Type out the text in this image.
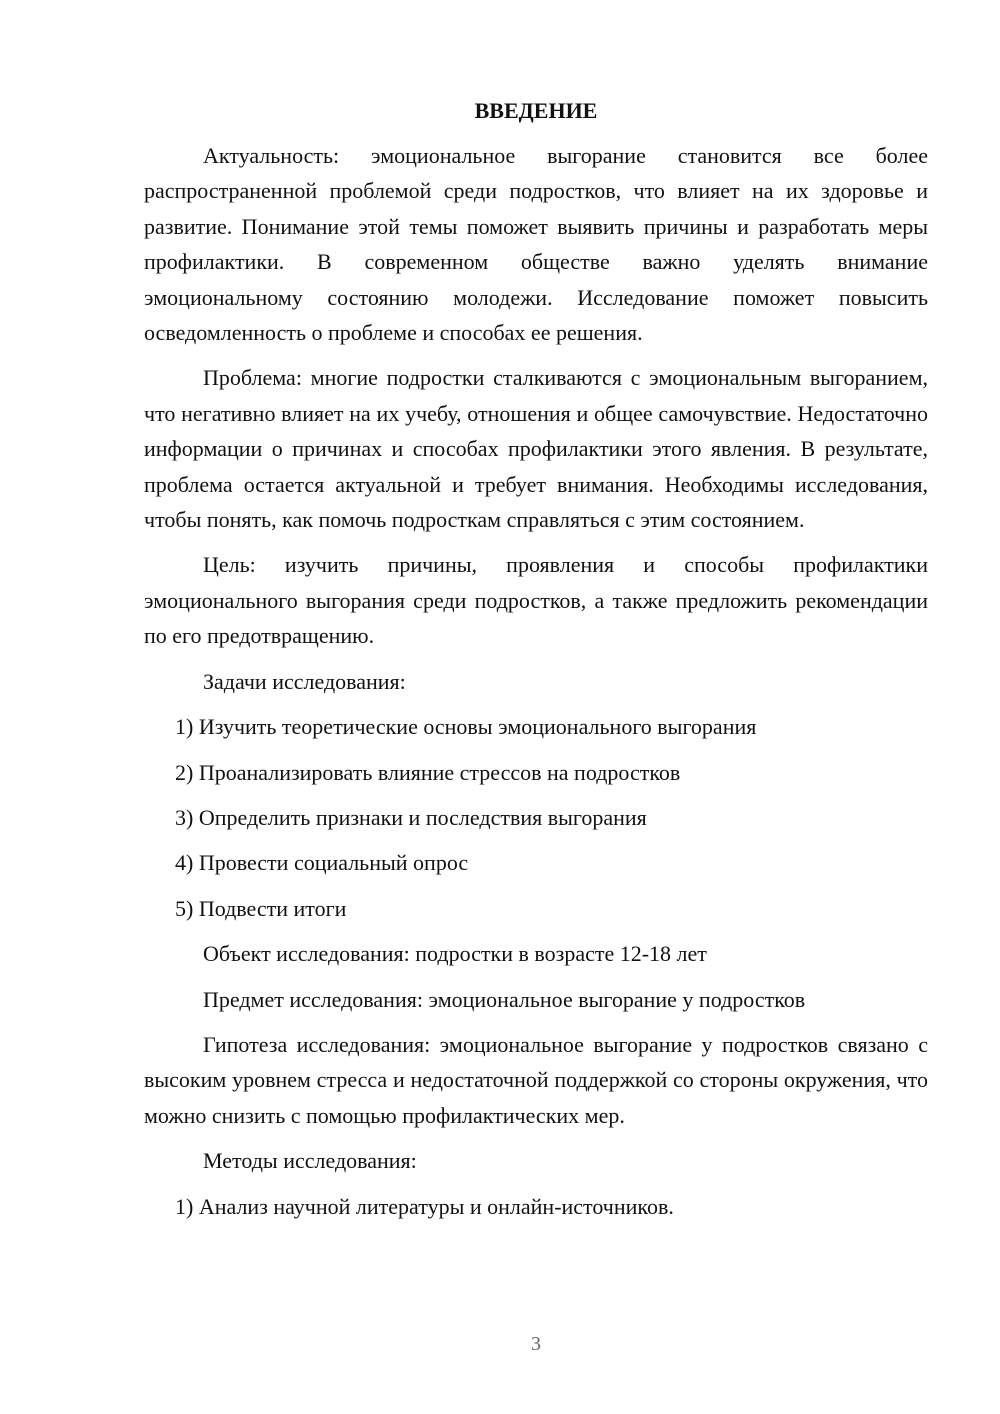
ВВЕДЕНИЕ

Актуальность: эмоциональное выгорание становится все более распространенной проблемой среди подростков, что влияет на их здоровье и развитие. Понимание этой темы поможет выявить причины и разработать меры профилактики. В современном обществе важно уделять внимание эмоциональному состоянию молодежи. Исследование поможет повысить осведомленность о проблеме и способах ее решения.

Проблема: многие подростки сталкиваются с эмоциональным выгоранием, что негативно влияет на их учебу, отношения и общее самочувствие. Недостаточно информации о причинах и способах профилактики этого явления. В результате, проблема остается актуальной и требует внимания. Необходимы исследования, чтобы понять, как помочь подросткам справляться с этим состоянием.

Цель: изучить причины, проявления и способы профилактики эмоционального выгорания среди подростков, а также предложить рекомендации по его предотвращению.

Задачи исследования:

1) Изучить теоретические основы эмоционального выгорания

2) Проанализировать влияние стрессов на подростков

3) Определить признаки и последствия выгорания

4) Провести социальный опрос

5) Подвести итоги

Объект исследования: подростки в возрасте 12-18 лет

Предмет исследования: эмоциональное выгорание у подростков

Гипотеза исследования: эмоциональное выгорание у подростков связано с высоким уровнем стресса и недостаточной поддержкой со стороны окружения, что можно снизить с помощью профилактических мер.

Методы исследования:

1) Анализ научной литературы и онлайн-источников.

3
